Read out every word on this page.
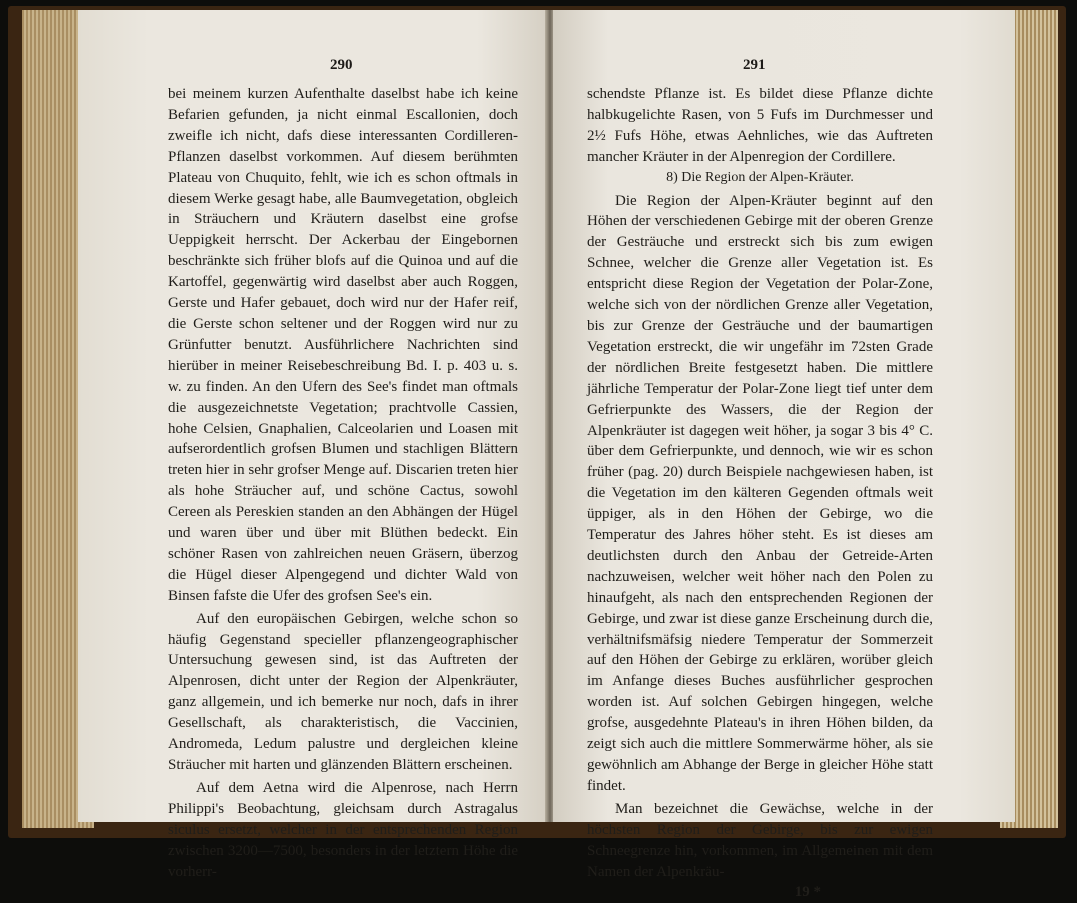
290

bei meinem kurzen Aufenthalte daselbst habe ich keine Befarien gefunden, ja nicht einmal Escallonien, doch zweifle ich nicht, dafs diese interessanten Cordilleren-Pflanzen daselbst vorkommen. Auf diesem berühmten Plateau von Chuquito, fehlt, wie ich es schon oftmals in diesem Werke gesagt habe, alle Baumvegetation, obgleich in Sträuchern und Kräutern daselbst eine grofse Ueppigkeit herrscht. Der Ackerbau der Eingebornen beschränkte sich früher blofs auf die Quinoa und auf die Kartoffel, gegenwärtig wird daselbst aber auch Roggen, Gerste und Hafer gebauet, doch wird nur der Hafer reif, die Gerste schon seltener und der Roggen wird nur zu Grünfutter benutzt. Ausführlichere Nachrichten sind hierüber in meiner Reisebeschreibung Bd. I. p. 403 u. s. w. zu finden. An den Ufern des See's findet man oftmals die ausgezeichnetste Vegetation; prachtvolle Cassien, hohe Celsien, Gnaphalien, Calceolarien und Loasen mit aufserordentlich grofsen Blumen und stachligen Blättern treten hier in sehr grofser Menge auf. Discarien treten hier als hohe Sträucher auf, und schöne Cactus, sowohl Cereen als Pereskien standen an den Abhängen der Hügel und waren über und über mit Blüthen bedeckt. Ein schöner Rasen von zahlreichen neuen Gräsern, überzog die Hügel dieser Alpengegend und dichter Wald von Binsen fafste die Ufer des grofsen See's ein.

Auf den europäischen Gebirgen, welche schon so häufig Gegenstand specieller pflanzengeographischer Untersuchung gewesen sind, ist das Auftreten der Alpenrosen, dicht unter der Region der Alpenkräuter, ganz allgemein, und ich bemerke nur noch, dafs in ihrer Gesellschaft, als charakteristisch, die Vaccinien, Andromeda, Ledum palustre und dergleichen kleine Sträucher mit harten und glänzenden Blättern erscheinen.

Auf dem Aetna wird die Alpenrose, nach Herrn Philippi's Beobachtung, gleichsam durch Astragalus siculus ersetzt, welcher in der entsprechenden Region zwischen 3200—7500, besonders in der letztern Höhe die vorherr-

291

schendste Pflanze ist. Es bildet diese Pflanze dichte halbkugelichte Rasen, von 5 Fufs im Durchmesser und 2½ Fufs Höhe, etwas Aehnliches, wie das Auftreten mancher Kräuter in der Alpenregion der Cordillere.

8) Die Region der Alpen-Kräuter.

Die Region der Alpen-Kräuter beginnt auf den Höhen der verschiedenen Gebirge mit der oberen Grenze der Gesträuche und erstreckt sich bis zum ewigen Schnee, welcher die Grenze aller Vegetation ist. Es entspricht diese Region der Vegetation der Polar-Zone, welche sich von der nördlichen Grenze aller Vegetation, bis zur Grenze der Gesträuche und der baumartigen Vegetation erstreckt, die wir ungefähr im 72sten Grade der nördlichen Breite festgesetzt haben. Die mittlere jährliche Temperatur der Polar-Zone liegt tief unter dem Gefrierpunkte des Wassers, die der Region der Alpenkräuter ist dagegen weit höher, ja sogar 3 bis 4° C. über dem Gefrierpunkte, und dennoch, wie wir es schon früher (pag. 20) durch Beispiele nachgewiesen haben, ist die Vegetation im den kälteren Gegenden oftmals weit üppiger, als in den Höhen der Gebirge, wo die Temperatur des Jahres höher steht. Es ist dieses am deutlichsten durch den Anbau der Getreide-Arten nachzuweisen, welcher weit höher nach den Polen zu hinaufgeht, als nach den entsprechenden Regionen der Gebirge, und zwar ist diese ganze Erscheinung durch die, verhältnifsmäfsig niedere Temperatur der Sommerzeit auf den Höhen der Gebirge zu erklären, worüber gleich im Anfange dieses Buches ausführlicher gesprochen worden ist. Auf solchen Gebirgen hingegen, welche grofse, ausgedehnte Plateau's in ihren Höhen bilden, da zeigt sich auch die mittlere Sommerwärme höher, als sie gewöhnlich am Abhange der Berge in gleicher Höhe statt findet.

Man bezeichnet die Gewächse, welche in der höchsten Region der Gebirge, bis zur ewigen Schneegrenze hin, vorkommen, im Allgemeinen mit dem Namen der Alpenkräu-

19 *
